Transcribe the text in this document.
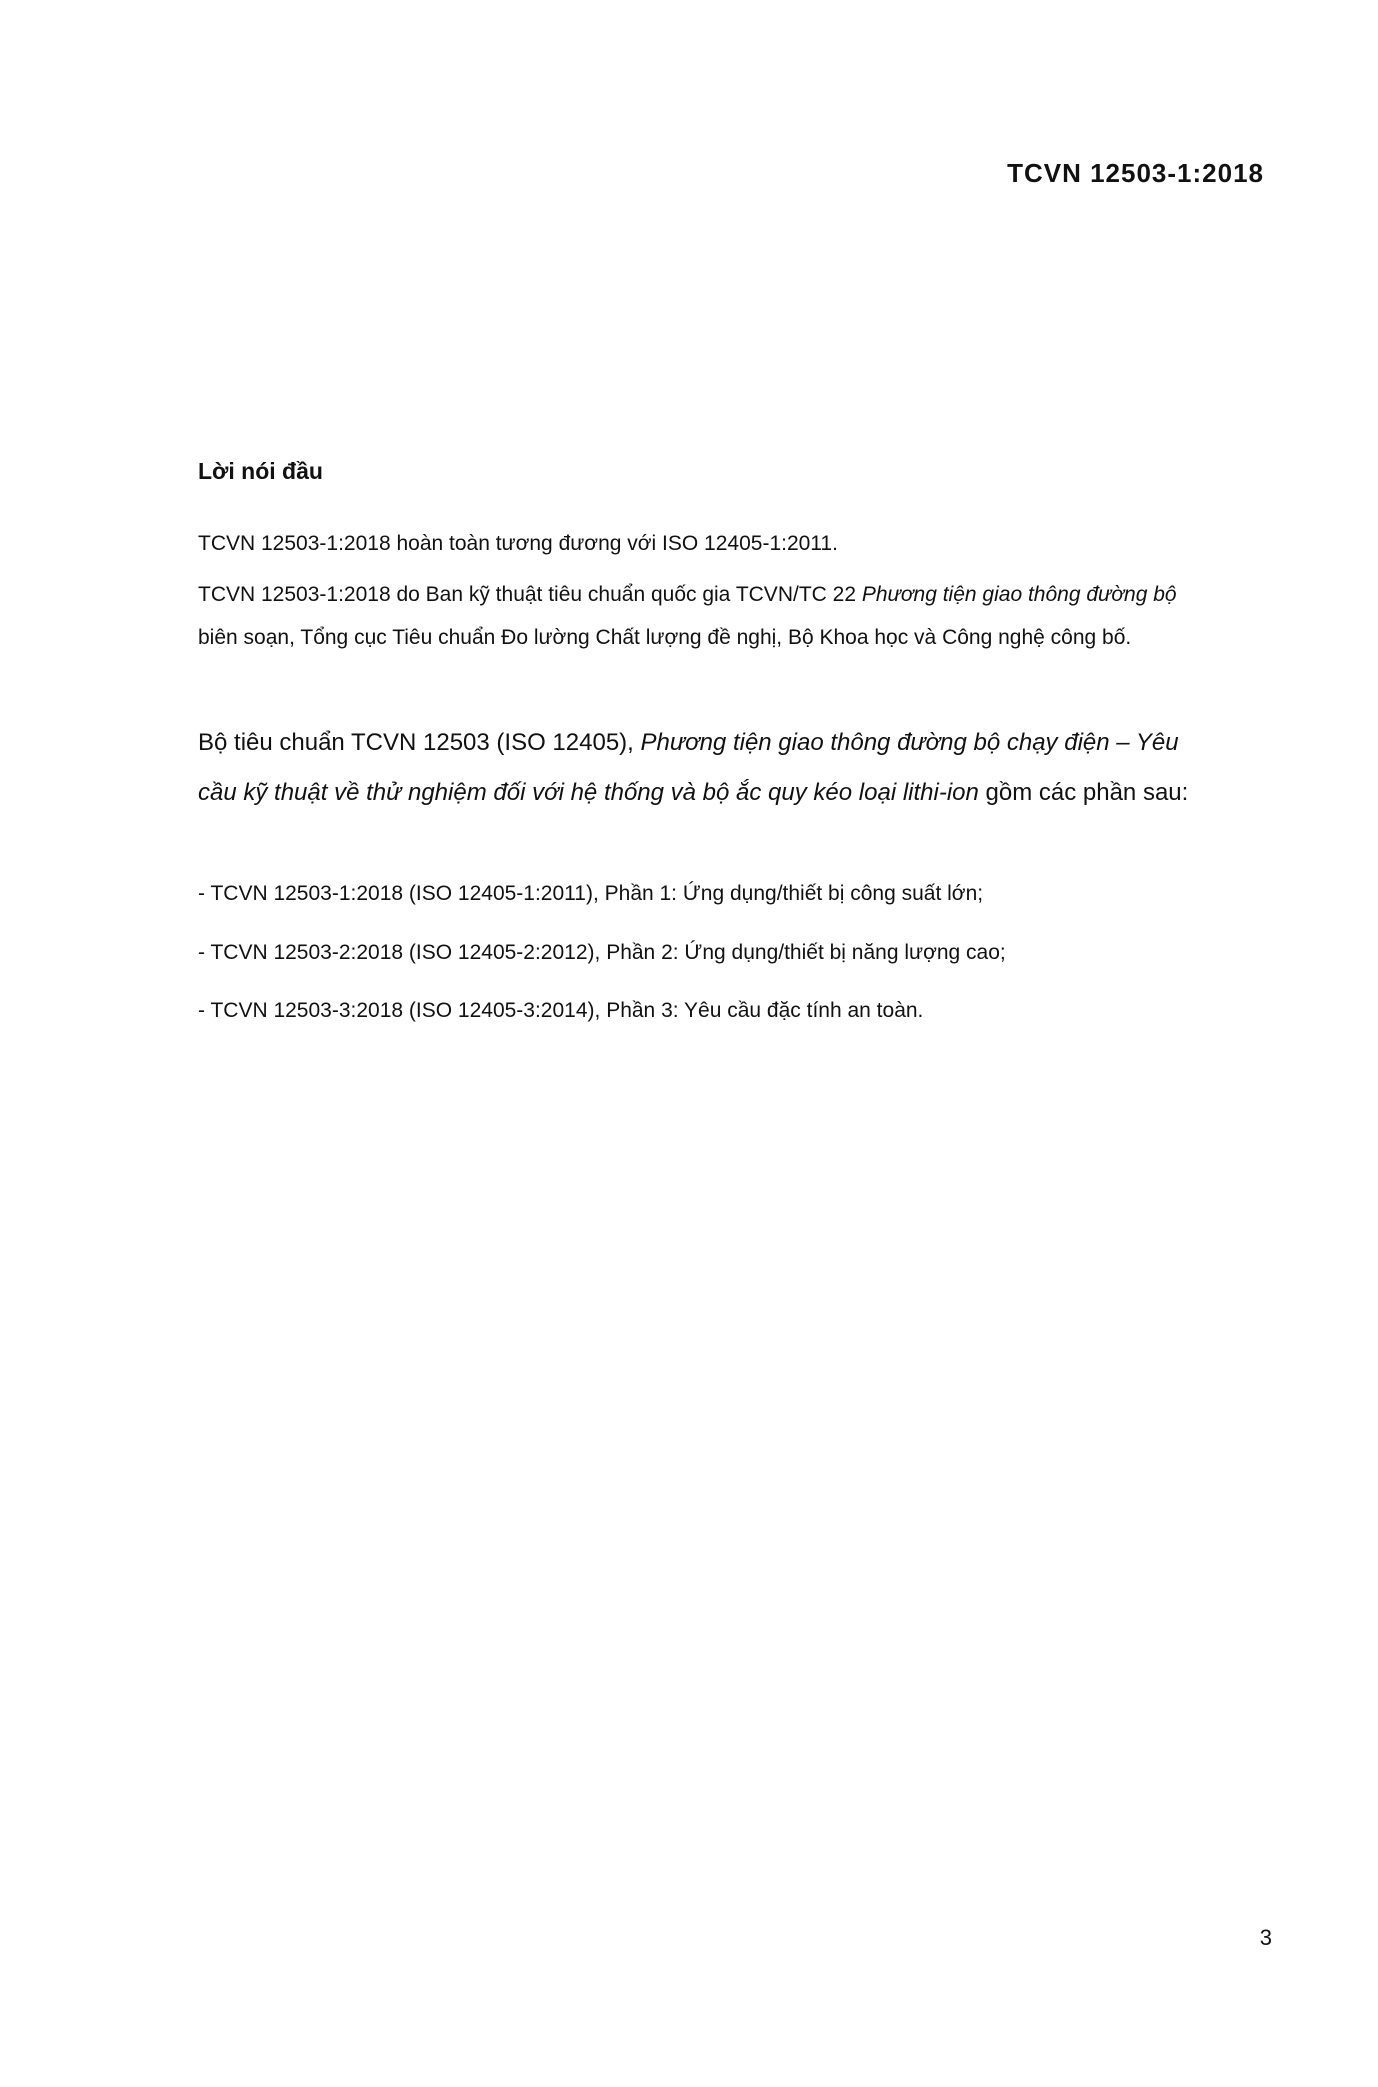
TCVN 12503-1:2018
Lời nói đầu

TCVN 12503-1:2018 hoàn toàn tương đương với ISO 12405-1:2011.

TCVN 12503-1:2018 do Ban kỹ thuật tiêu chuẩn quốc gia TCVN/TC 22 Phương tiện giao thông đường bộ biên soạn, Tổng cục Tiêu chuẩn Đo lường Chất lượng đề nghị, Bộ Khoa học và Công nghệ công bố.

Bộ tiêu chuẩn TCVN 12503 (ISO 12405), Phương tiện giao thông đường bộ chạy điện – Yêu cầu kỹ thuật về thử nghiệm đối với hệ thống và bộ ắc quy kéo loại lithi-ion gồm các phần sau:

- TCVN 12503-1:2018 (ISO 12405-1:2011), Phần 1: Ứng dụng/thiết bị công suất lớn;

- TCVN 12503-2:2018 (ISO 12405-2:2012), Phần 2: Ứng dụng/thiết bị năng lượng cao;

- TCVN 12503-3:2018 (ISO 12405-3:2014), Phần 3: Yêu cầu đặc tính an toàn.

3
